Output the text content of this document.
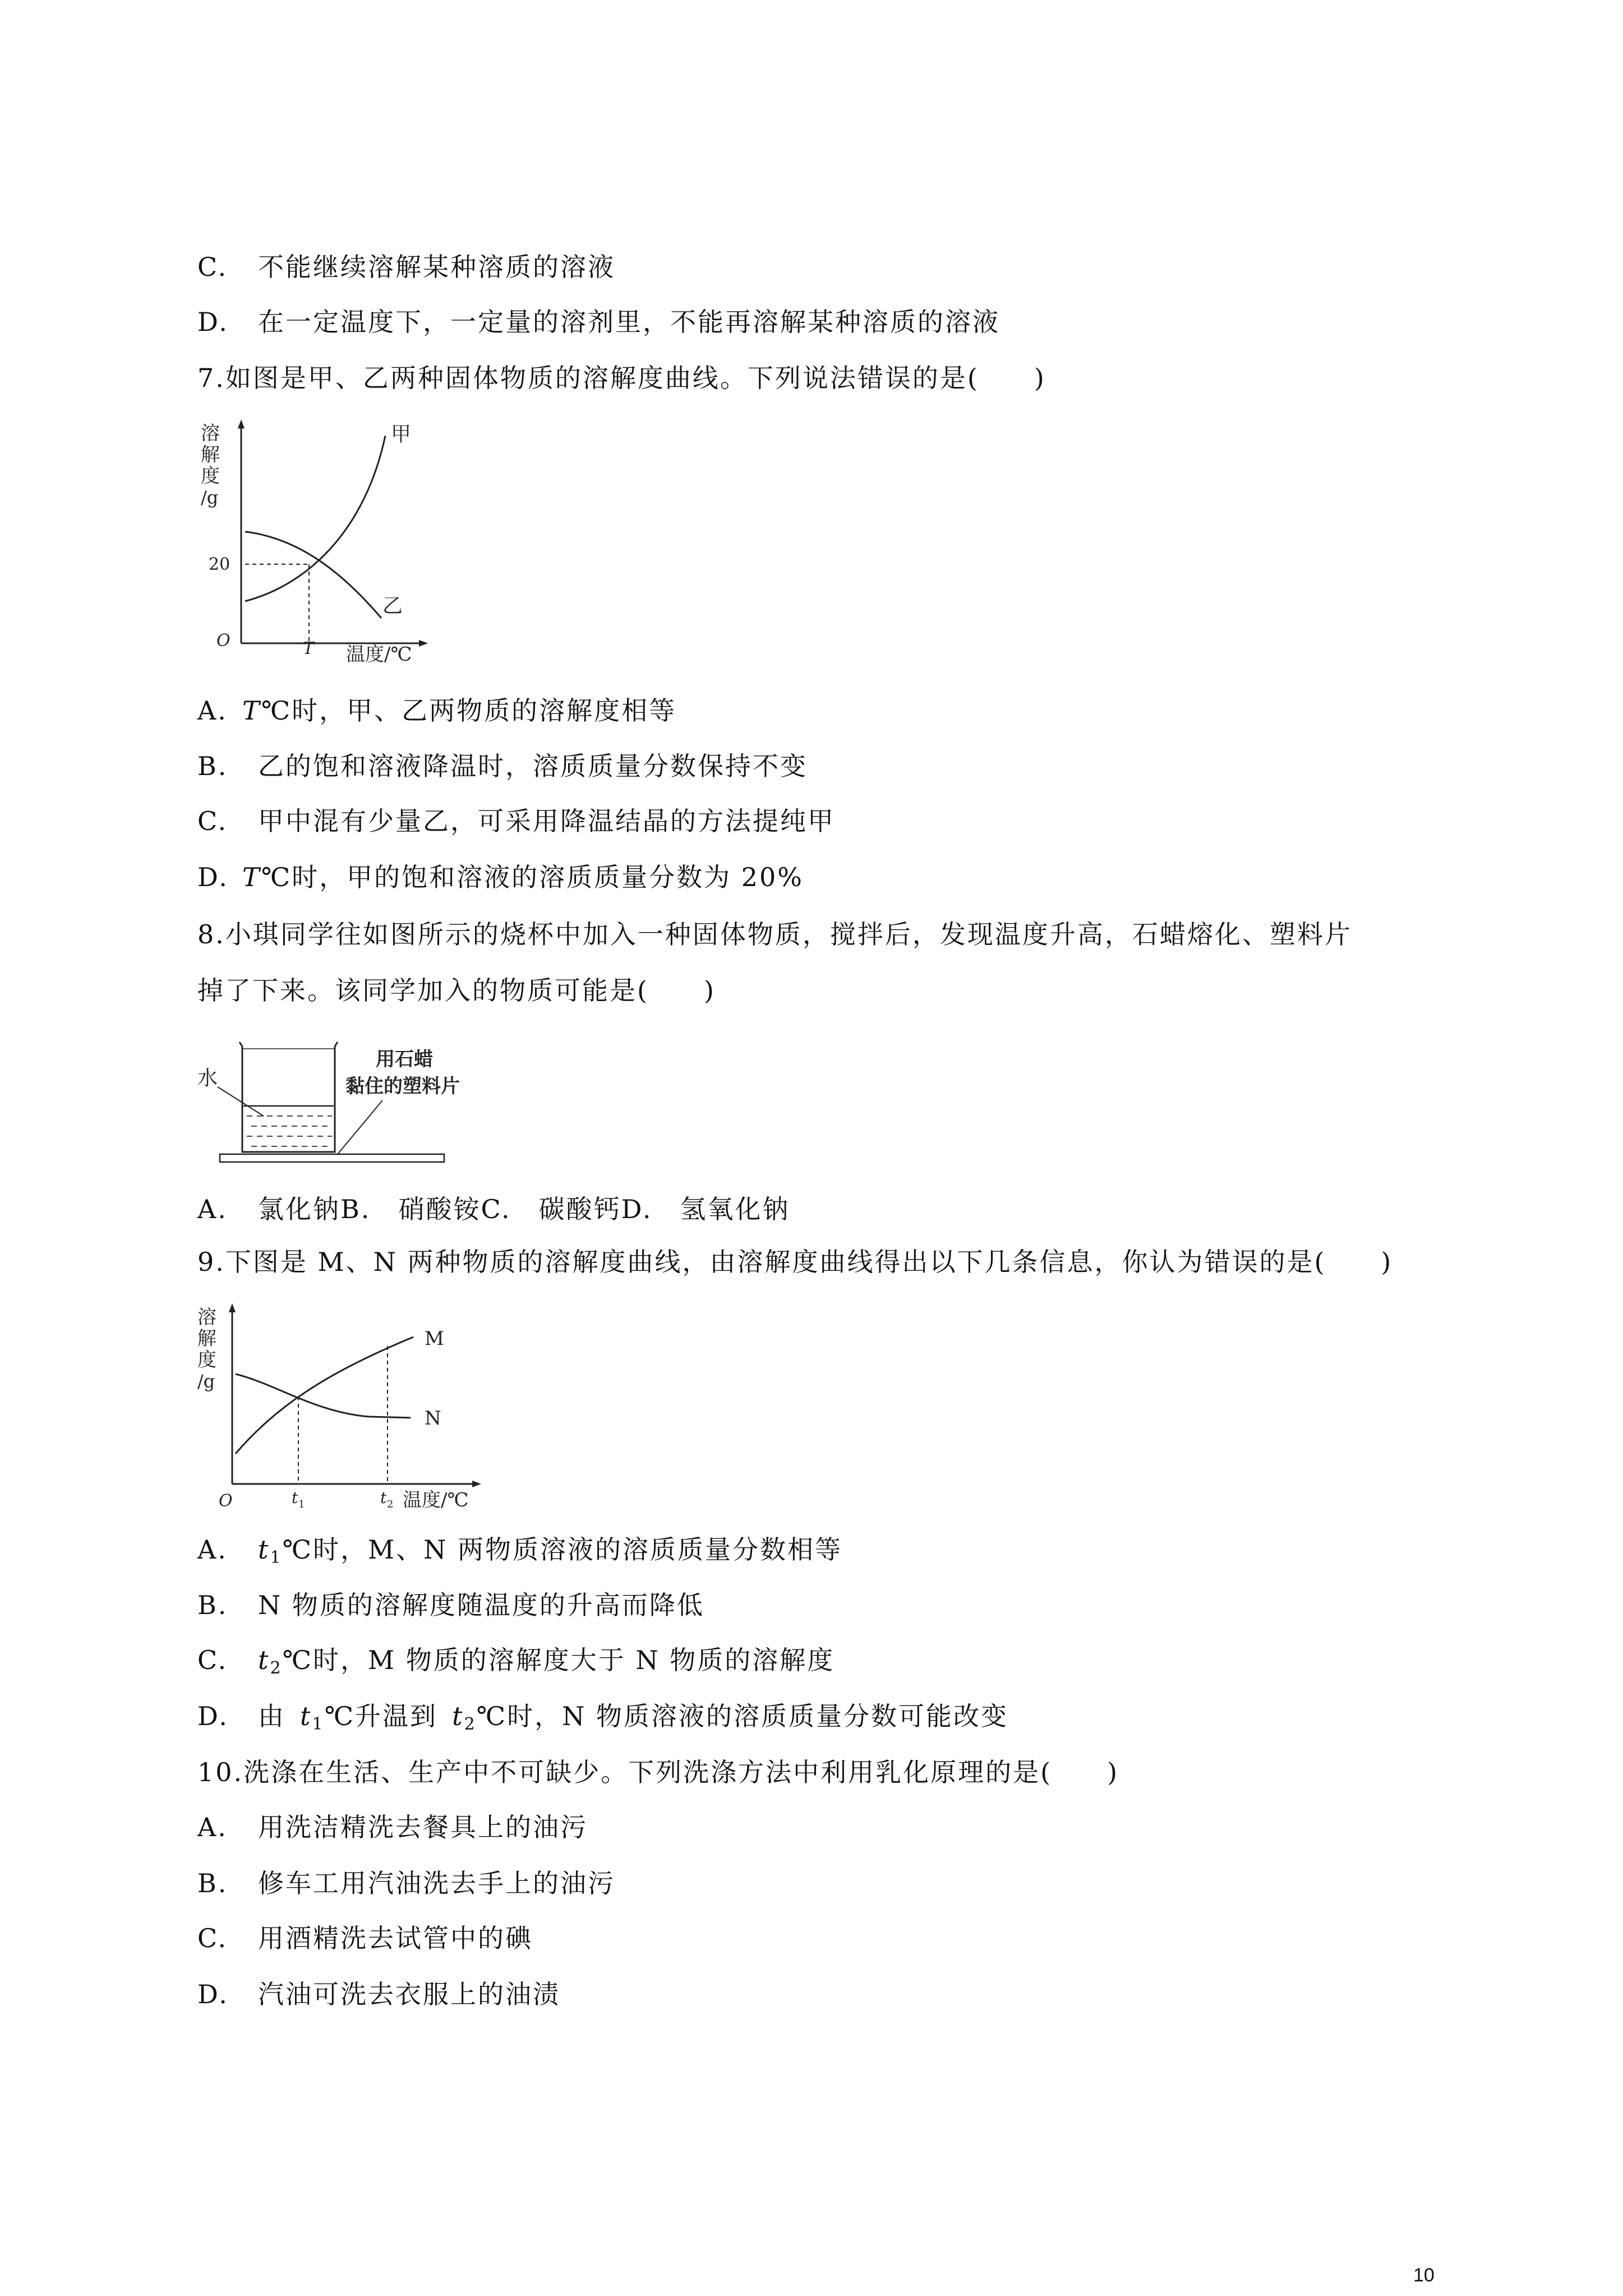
C. 不能继续溶解某种溶质的溶液

D. 在一定温度下，一定量的溶剂里，不能再溶解某种溶质的溶液

7.如图是甲、乙两种固体物质的溶解度曲线。下列说法错误的是(　　)

溶
解
度
/g
20
O	T 温度/℃
甲
乙

A. T℃时，甲、乙两物质的溶解度相等

B. 乙的饱和溶液降温时，溶质质量分数保持不变

C. 甲中混有少量乙，可采用降温结晶的方法提纯甲

D. T℃时，甲的饱和溶液的溶质质量分数为 20%

8.小琪同学往如图所示的烧杯中加入一种固体物质，搅拌后，发现温度升高，石蜡熔化、塑料片

掉了下来。该同学加入的物质可能是(　　)

水
用石蜡
黏住的塑料片

A. 氯化钠B.  硝酸铵C.  碳酸钙D.  氢氧化钠

9.下图是 M、N 两种物质的溶解度曲线，由溶解度曲线得出以下几条信息，你认为错误的是(　　)

溶
解
度
/g
O	t 1	t 2 温度/℃
M
N

A. $t_1℃$时，M、N 两物质溶液的溶质质量分数相等

B. N 物质的溶解度随温度的升高而降低

C. $t_2℃$时，M 物质的溶解度大于 N 物质的溶解度

D. 由  $t_1℃$升温到  $t_2℃$时，N 物质溶液的溶质质量分数可能改变

10.洗涤在生活、生产中不可缺少。下列洗涤方法中利用乳化原理的是(　　)

A. 用洗洁精洗去餐具上的油污

B. 修车工用汽油洗去手上的油污

C. 用酒精洗去试管中的碘

D. 汽油可洗去衣服上的油渍

10
